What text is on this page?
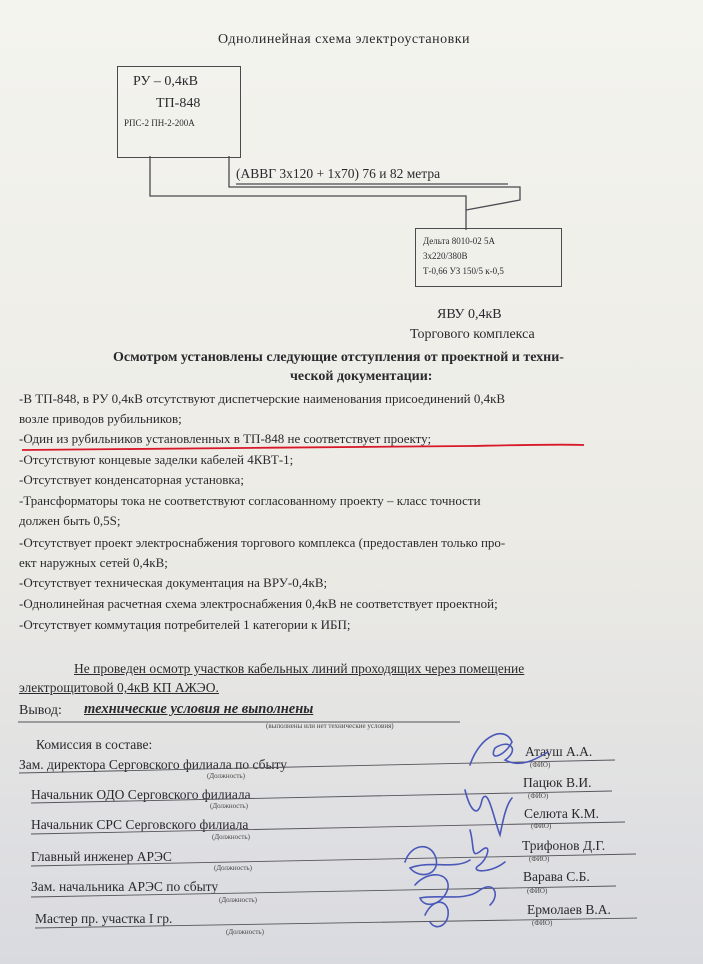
Однолинейная схема электроустановки
РУ – 0,4кВ
ТП-848
РПС-2 ПН-2-200А
(АВВГ 3х120 + 1х70) 76 и 82 метра
Дельта 8010-02 5А
3х220/380В
Т-0,66 УЗ 150/5 к-0,5
ЯВУ 0,4кВ
Торгового комплекса
Осмотром установлены следующие отступления от проектной и техни-
ческой документации:
-В ТП-848, в РУ 0,4кВ отсутствуют диспетчерские наименования присоединений 0,4кВ
возле приводов рубильников;
-Один из рубильников установленных в ТП-848 не соответствует проекту;
-Отсутствуют концевые заделки кабелей 4КВТ-1;
-Отсутствует конденсаторная установка;
-Трансформаторы тока не соответствуют согласованному проекту – класс точности
должен быть 0,5S;
-Отсутствует проект электроснабжения торгового комплекса (предоставлен только про-
ект наружных сетей 0,4кВ;
-Отсутствует техническая документация на ВРУ-0,4кВ;
-Однолинейная расчетная схема электроснабжения 0,4кВ не соответствует проектной;
-Отсутствует коммутация потребителей 1 категории к ИБП;
Не проведен осмотр участков кабельных линий проходящих через помещение
электрощитовой 0,4кВ КП АЖЭО.
Вывод: технические условия не выполнены
(выполнены или нет технические условия)
Комиссия в составе:
Зам. директора Серговского филиала по сбыту
Атауш А.А.
(Должность)
(ФИО)
Начальник ОДО Серговского филиала
Пацюк В.И.
(Должность)
(ФИО)
Начальник СРС Серговского филиала
Селюта К.М.
(Должность)
(ФИО)
Главный инженер АРЭС
Трифонов Д.Г.
(Должность)
(ФИО)
Зам. начальника АРЭС по сбыту
Варава С.Б.
(Должность)
(ФИО)
Мастер пр. участка I гр.
Ермолаев В.А.
(Должность)
(ФИО)
